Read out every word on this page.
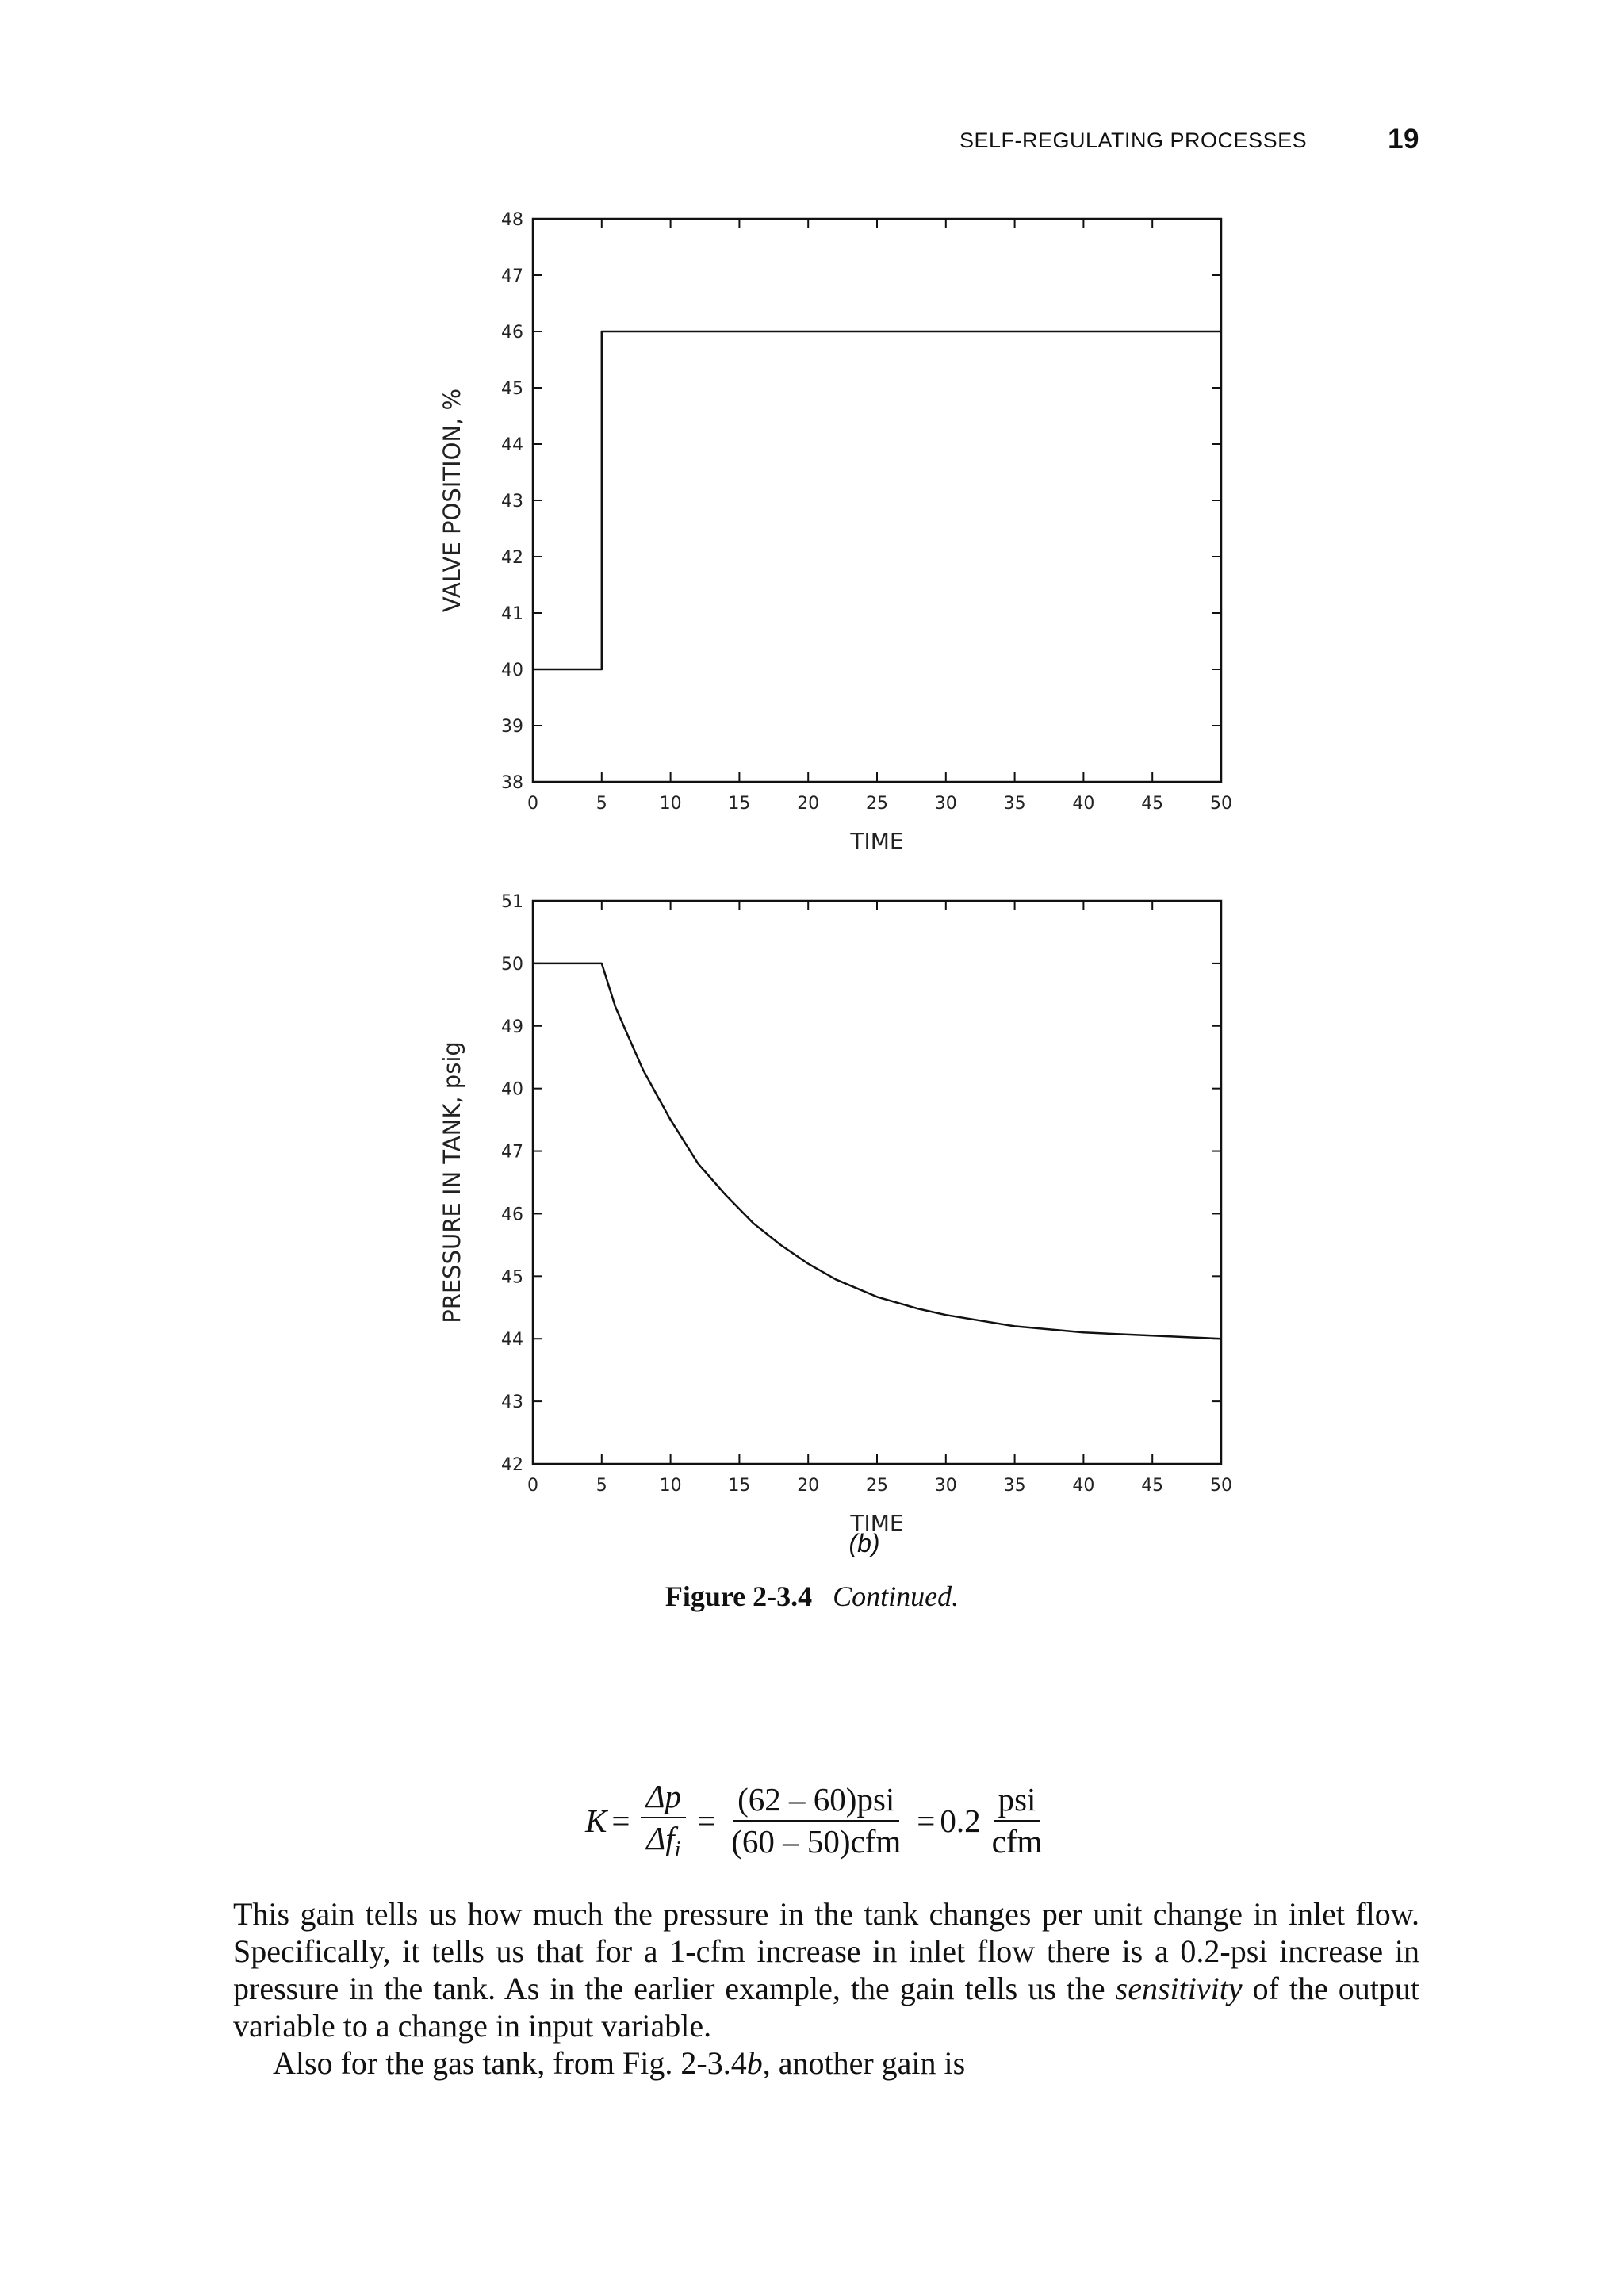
SELF-REGULATING PROCESSES	19
0	5	10	15	20	25	30	35	40	45	50
38
39
40
41
42
43
44
45
46
47
48
TIME
VALVE POSITION, %
0	5	10	15	20	25	30	35	40	45	50
42
43
44
45
46
47
40
49
50
51
TIME
PRESSURE IN TANK, psig
(b)
Figure 2-3.4 Continued.
$K = \frac{\Delta p}{\Delta f_i} = \frac{\text{(62 – 60)psi}}{\text{(60 – 50)cfm}} = 0.2 \frac{\text{psi}}{\text{cfm}}$

This gain tells us how much the pressure in the tank changes per unit change in inlet flow. Specifically, it tells us that for a 1-cfm increase in inlet flow there is a 0.2-psi increase in pressure in the tank. As in the earlier example, the gain tells us the sensitivity of the output variable to a change in input variable.

Also for the gas tank, from Fig. 2-3.4b, another gain is
